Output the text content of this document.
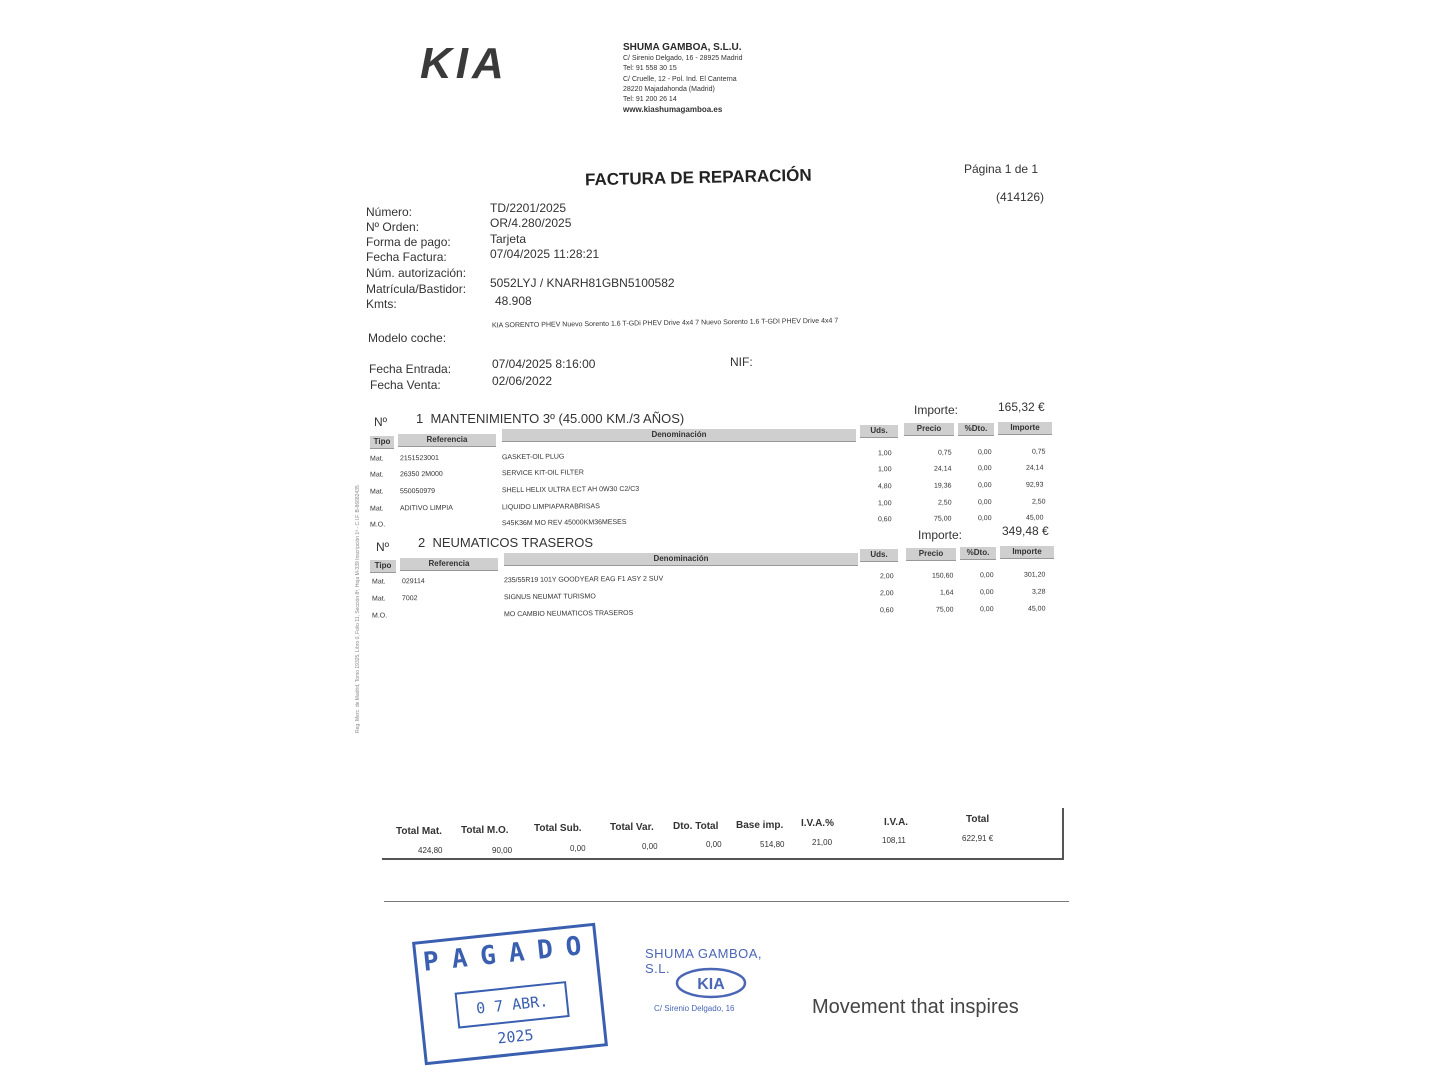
KIA	SHUMA GAMBOA, S.L.U.
C/ Sirenio Delgado, 16 - 28925 Madrid
Tel: 91 558 30 15
C/ Cruelle, 12 - Pol. Ind. El Canterna
28220 Majadahonda (Madrid)
Tel: 91 200 26 14
www.kiashumagamboa.es
FACTURA DE REPARACIÓN	Página 1 de 1
(414126)
Número:	TD/2201/2025
Nº Orden:	OR/4.280/2025
Forma de pago:	Tarjeta
Fecha Factura:	07/04/2025 11:28:21
Núm. autorización:
Matrícula/Bastidor: 5052LYJ / KNARH81GBN5100582
Kmts:	48.908
Modelo coche:
KIA SORENTO PHEV Nuevo Sorento 1.6 T-GDi PHEV Drive 4x4 7 Nuevo Sorento 1.6 T-GDI PHEV Drive 4x4 7
Fecha Entrada:	07/04/2025 8:16:00	NIF:
Fecha Venta:	02/06/2022
Reg. Merc. de Madrid, Tomo 19325, Libro 0, Folio 11, Sección 8ª, Hoja M-339 Inscripción 1ª - C.I.F. B-86682435
Nº 1 MANTENIMIENTO 3º (45.000 KM./3 AÑOS)
Importe:	165,32 €
Tipo	Referencia
Denominación	Uds.	Precio	%Dto.	Importe
Mat. 2151523001	GASKET-OIL PLUG	1,00	0,75	0,00	0,75
Mat. 26350 2M000	SERVICE KIT-OIL FILTER	1,00	24,14	0,00	24,14
Mat. 550050979	SHELL HELIX ULTRA ECT AH 0W30 C2/C3	4,80	19,36	0,00	92,93
Mat. ADITIVO LIMPIA	LIQUIDO LIMPIAPARABRISAS	1,00	2,50	0,00	2,50
M.O.	S45K36M MO REV 45000KM36MESES	0,60	75,00	0,00	45,00
Nº 2 NEUMATICOS TRASEROS	Importe:	349,48 €
Tipo	Referencia
Denominación	Uds.	Precio	%Dto.	Importe
Mat. 029114	235/55R19 101Y GOODYEAR EAG F1 ASY 2 SUV	2,00	150,60	0,00	301,20
Mat. 7002	SIGNUS NEUMAT TURISMO	2,00	1,64	0,00	3,28
M.O.	MO CAMBIO NEUMATICOS TRASEROS	0,60	75,00	0,00	45,00
Total Mat.
424,80
Total M.O.
90,00
Total Sub.
0,00
Total Var.
0,00
Dto. Total
0,00
Base imp.
514,80
I.V.A.%
21,00
I.V.A.
108,11
Total
622,91 €
PAGADO
0 7 ABR. 2025
SHUMA GAMBOA, S.L.
KIA
C/ Sirenio Delgado, 16	Movement that inspires
